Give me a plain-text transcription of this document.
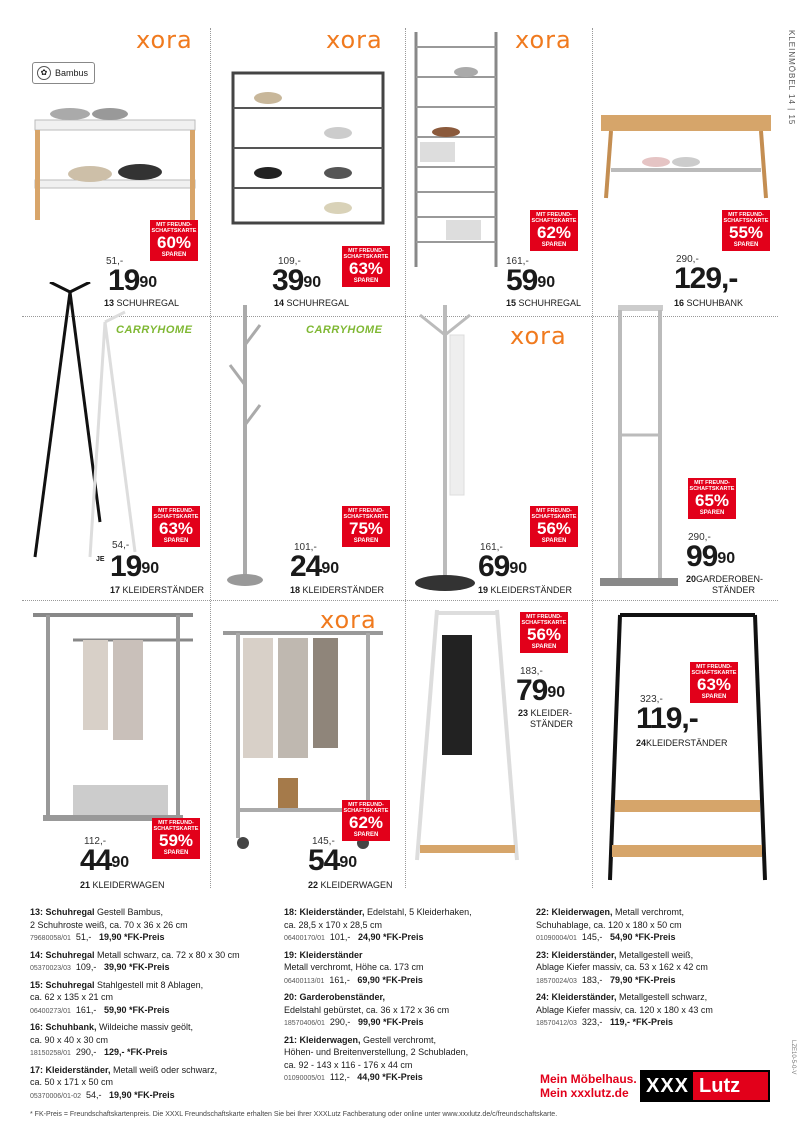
KLEINMÖBEL 14 | 15
LZE10-5-0-V
xora	xora	xora
CARRYHOME	CARRYHOME	xora
xora
✿ Bambus
MIT FREUND-SCHAFTSKARTE
60%
SPAREN
51,-
$19^{90}$
13 SCHUHREGAL
MIT FREUND-SCHAFTSKARTE
63%
SPAREN
109,-
$39^{90}$
14 SCHUHREGAL
MIT FREUND-SCHAFTSKARTE
62%
SPAREN
161,-
$59^{90}$
15 SCHUHREGAL
MIT FREUND-SCHAFTSKARTE
55%
SPAREN
290,-
129,-
16 SCHUHBANK
MIT FREUND-SCHAFTSKARTE
63%
SPAREN
54,-
JE $19^{90}$
17 KLEIDERSTÄNDER
MIT FREUND-SCHAFTSKARTE
75%
SPAREN
101,-
$24^{90}$
18 KLEIDERSTÄNDER
MIT FREUND-SCHAFTSKARTE
56%
SPAREN
161,-
$69^{90}$
19 KLEIDERSTÄNDER
MIT FREUND-SCHAFTSKARTE
65%
SPAREN
290,-
$99^{90}$
20GARDEROBEN-
STÄNDER
MIT FREUND-SCHAFTSKARTE
59%
SPAREN
112,-
$44^{90}$
21 KLEIDERWAGEN
MIT FREUND-SCHAFTSKARTE
62%
SPAREN
145,-
$54^{90}$
22 KLEIDERWAGEN
MIT FREUND-SCHAFTSKARTE
56%
SPAREN
183,-
$79^{90}$
23 KLEIDER-
STÄNDER
MIT FREUND-SCHAFTSKARTE
63%
SPAREN
323,-
119,-
24KLEIDERSTÄNDER
13: Schuhregal Gestell Bambus,
2 Schuhroste weiß, ca. 70 x 36 x 26 cm
79680058/01 51,- 19,90 *FK-Preis
14: Schuhregal Metall schwarz, ca. 72 x 80 x 30 cm
05370023/03 109,- 39,90 *FK-Preis
15: Schuhregal Stahlgestell mit 8 Ablagen,
ca. 62 x 135 x 21 cm
06400273/01 161,- 59,90 *FK-Preis
16: Schuhbank, Wildeiche massiv geölt,
ca. 90 x 40 x 30 cm
18150258/01 290,- 129,- *FK-Preis
17: Kleiderständer, Metall weiß oder schwarz,
ca. 50 x 171 x 50 cm
05370006/01-02 54,- 19,90 *FK-Preis
18: Kleiderständer, Edelstahl, 5 Kleiderhaken,
ca. 28,5 x 170 x 28,5 cm
06400170/01 101,- 24,90 *FK-Preis
19: Kleiderständer
Metall verchromt, Höhe ca. 173 cm
06400113/01 161,- 69,90 *FK-Preis
20: Garderobenständer,
Edelstahl gebürstet, ca. 36 x 172 x 36 cm
18570406/01 290,- 99,90 *FK-Preis
21: Kleiderwagen, Gestell verchromt,
Höhen- und Breitenverstellung, 2 Schubladen,
ca. 92 - 143 x 116 - 176 x 44 cm
01090005/01 112,- 44,90 *FK-Preis
22: Kleiderwagen, Metall verchromt,
Schuhablage, ca. 120 x 180 x 50 cm
01090004/01 145,- 54,90 *FK-Preis
23: Kleiderständer, Metallgestell weiß,
Ablage Kiefer massiv, ca. 53 x 162 x 42 cm
18570024/03 183,- 79,90 *FK-Preis
24: Kleiderständer, Metallgestell schwarz,
Ablage Kiefer massiv, ca. 120 x 180 x 43 cm
18570412/03 323,- 119,- *FK-Preis
Mein Möbelhaus.
Mein xxxlutz.de XXX Lutz
* FK-Preis = Freundschaftskartenpreis. Die XXXL Freundschaftskarte erhalten Sie bei Ihrer XXXLutz Fachberatung oder online unter www.xxxlutz.de/c/freundschaftskarte.
